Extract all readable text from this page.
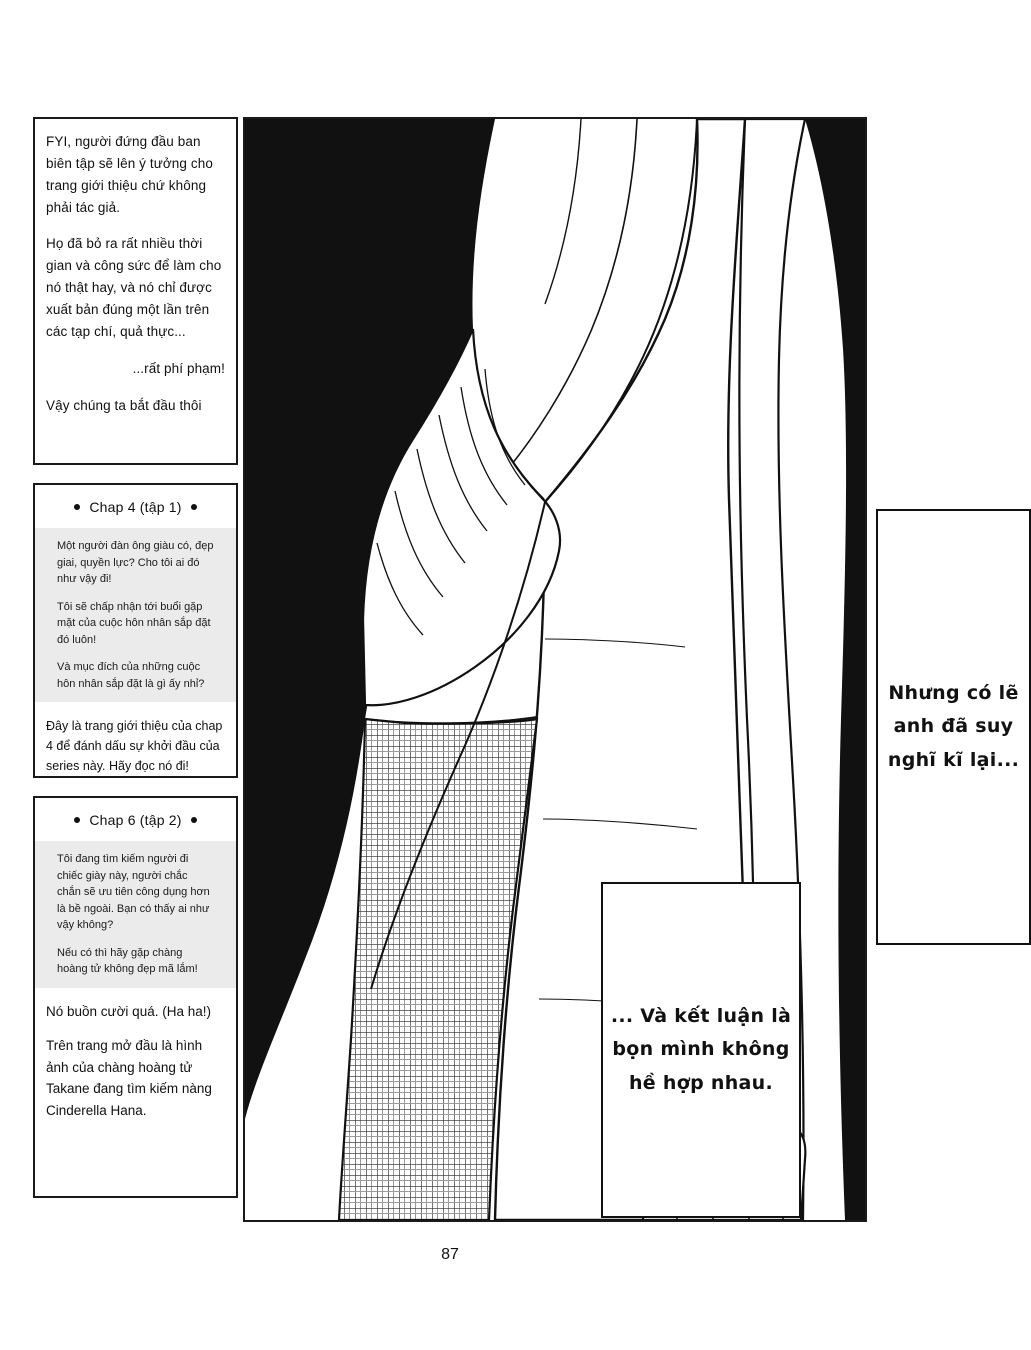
FYI, người đứng đầu ban biên tập sẽ lên ý tưởng cho trang giới thiệu chứ không phải tác giả.

Họ đã bỏ ra rất nhiều thời gian và công sức để làm cho nó thật hay, và nó chỉ được xuất bản đúng một lần trên các tạp chí, quả thực...

...rất phí phạm!

Vậy chúng ta bắt đầu thôi

Chap 4 (tập 1)

Một người đàn ông giàu có, đẹp giai, quyền lực? Cho tôi ai đó như vậy đi!

Tôi sẽ chấp nhận tới buổi gặp mặt của cuộc hôn nhân sắp đặt đó luôn!

Và mục đích của những cuộc hôn nhân sắp đặt là gì ấy nhỉ?

Đây là trang giới thiệu của chap 4 để đánh dấu sự khởi đầu của series này. Hãy đọc nó đi!

Chap 6 (tập 2)

Tôi đang tìm kiếm người đi chiếc giày này, người chắc chắn sẽ ưu tiên công dụng hơn là bề ngoài. Bạn có thấy ai như vậy không?

Nếu có thì hãy gặp chàng hoàng tử không đẹp mã lắm!

Nó buồn cười quá. (Ha ha!)

Trên trang mở đầu là hình ảnh của chàng hoàng tử Takane đang tìm kiếm nàng Cinderella Hana.

Nhưng có lẽ anh đã suy nghĩ kĩ lại...
... Và kết luận là bọn mình không hề hợp nhau.
87
